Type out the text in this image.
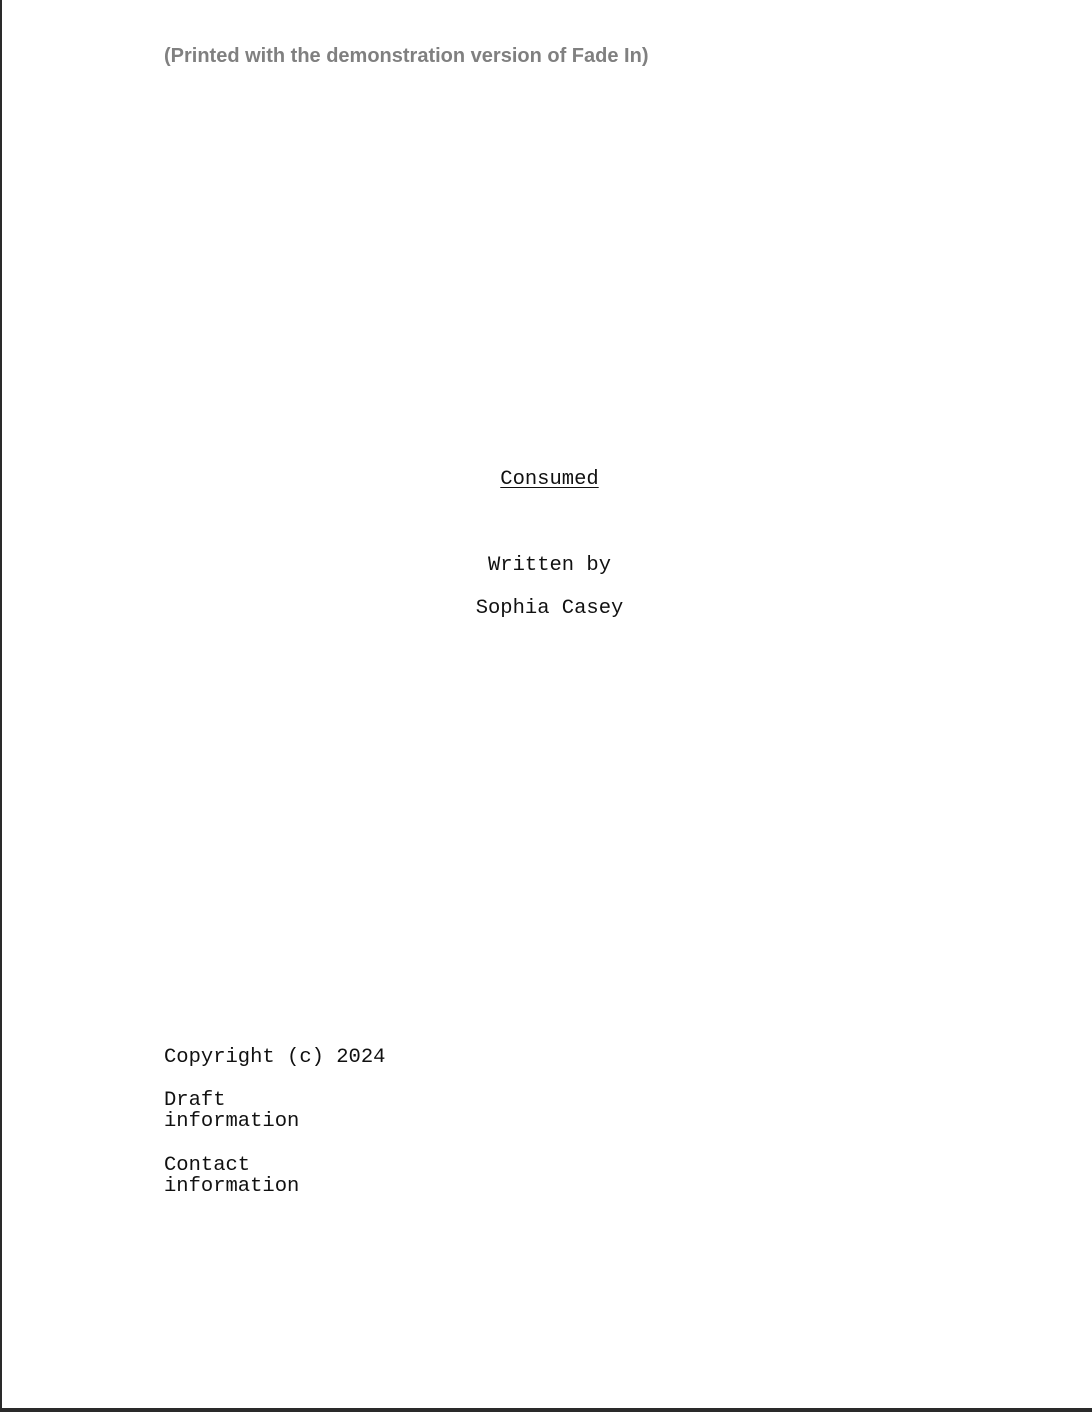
(Printed with the demonstration version of Fade In)
Consumed
Written by
Sophia Casey
Copyright (c) 2024
Draft
information
Contact
information
